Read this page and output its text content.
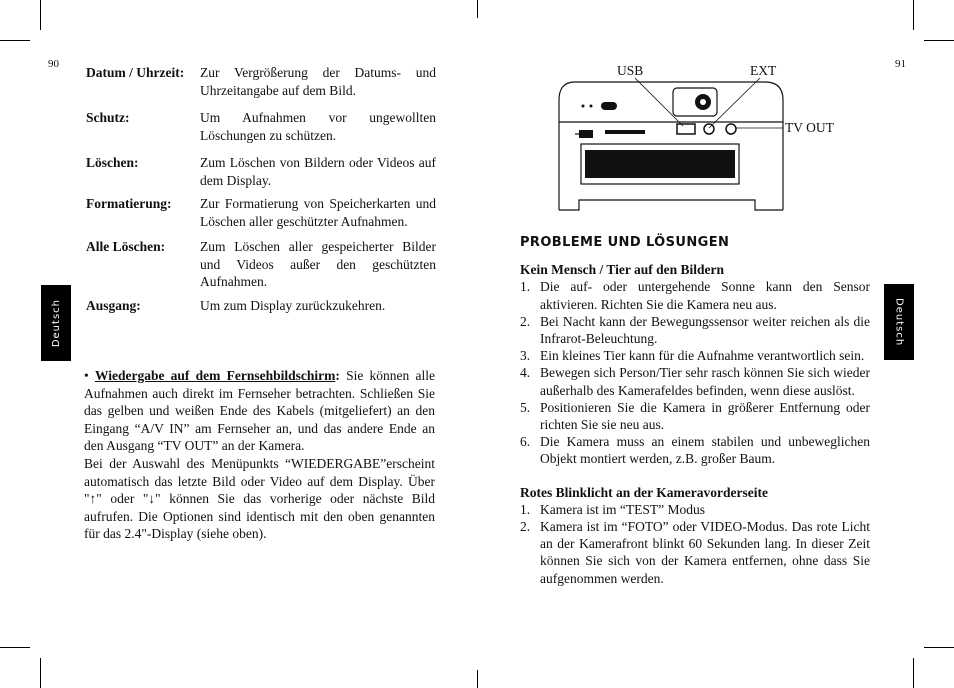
90
Deutsch
Datum / Uhrzeit:	Zur Vergrößerung der Datums- und Uhrzeitangabe auf dem Bild.
Schutz:	Um Aufnahmen vor ungewollten Löschungen zu schützen.
Löschen:	Zum Löschen von Bildern oder Videos auf dem Display.
Formatierung:	Zur Formatierung von Speicherkarten und Löschen aller geschützter Aufnahmen.
Alle Löschen:	Zum Löschen aller gespeicherter Bilder und Videos außer den geschützten Aufnahmen.
Ausgang:	Um zum Display zurückzukehren.

• Wiedergabe auf dem Fernsehbildschirm: Sie können alle Aufnahmen auch direkt im Fernseher betrachten. Schließen Sie das gelben und weißen Ende des Kabels (mitgeliefert) an den Eingang “A/V IN” am Fernseher an, und das andere Ende an den Ausgang “TV OUT” an der Kamera.

Bei der Auswahl des Menüpunkts “WIEDERGABE”erscheint automatisch das letzte Bild oder Video auf dem Display. Über "↑" oder "↓" können Sie das vorherige oder nächste Bild aufrufen. Die Optionen sind identisch mit den oben genannten für das 2.4"-Display (siehe oben).

91
Deutsch
USB	EXT
TV OUT
PROBLEME UND LÖSUNGEN
Kein Mensch / Tier auf den Bildern
1. Die auf- oder untergehende Sonne kann den Sensor aktivieren. Richten Sie die Kamera neu aus.
2. Bei Nacht kann der Bewegungssensor weiter reichen als die Infrarot-Beleuchtung.
3. Ein kleines Tier kann für die Aufnahme verantwortlich sein.
4. Bewegen sich Person/Tier sehr rasch können Sie sich wieder außerhalb des Kamerafeldes befinden, wenn diese auslöst.
5. Positionieren Sie die Kamera in größerer Entfernung oder richten Sie sie neu aus.
6. Die Kamera muss an einem stabilen und unbeweglichen Objekt montiert werden, z.B. großer Baum.
Rotes Blinklicht an der Kameravorderseite
1. Kamera ist im “TEST” Modus
2. Kamera ist im “FOTO” oder VIDEO-Modus. Das rote Licht an der Kamerafront blinkt 60 Sekunden lang. In dieser Zeit können Sie sich von der Kamera entfernen, ohne dass Sie aufgenommen werden.
